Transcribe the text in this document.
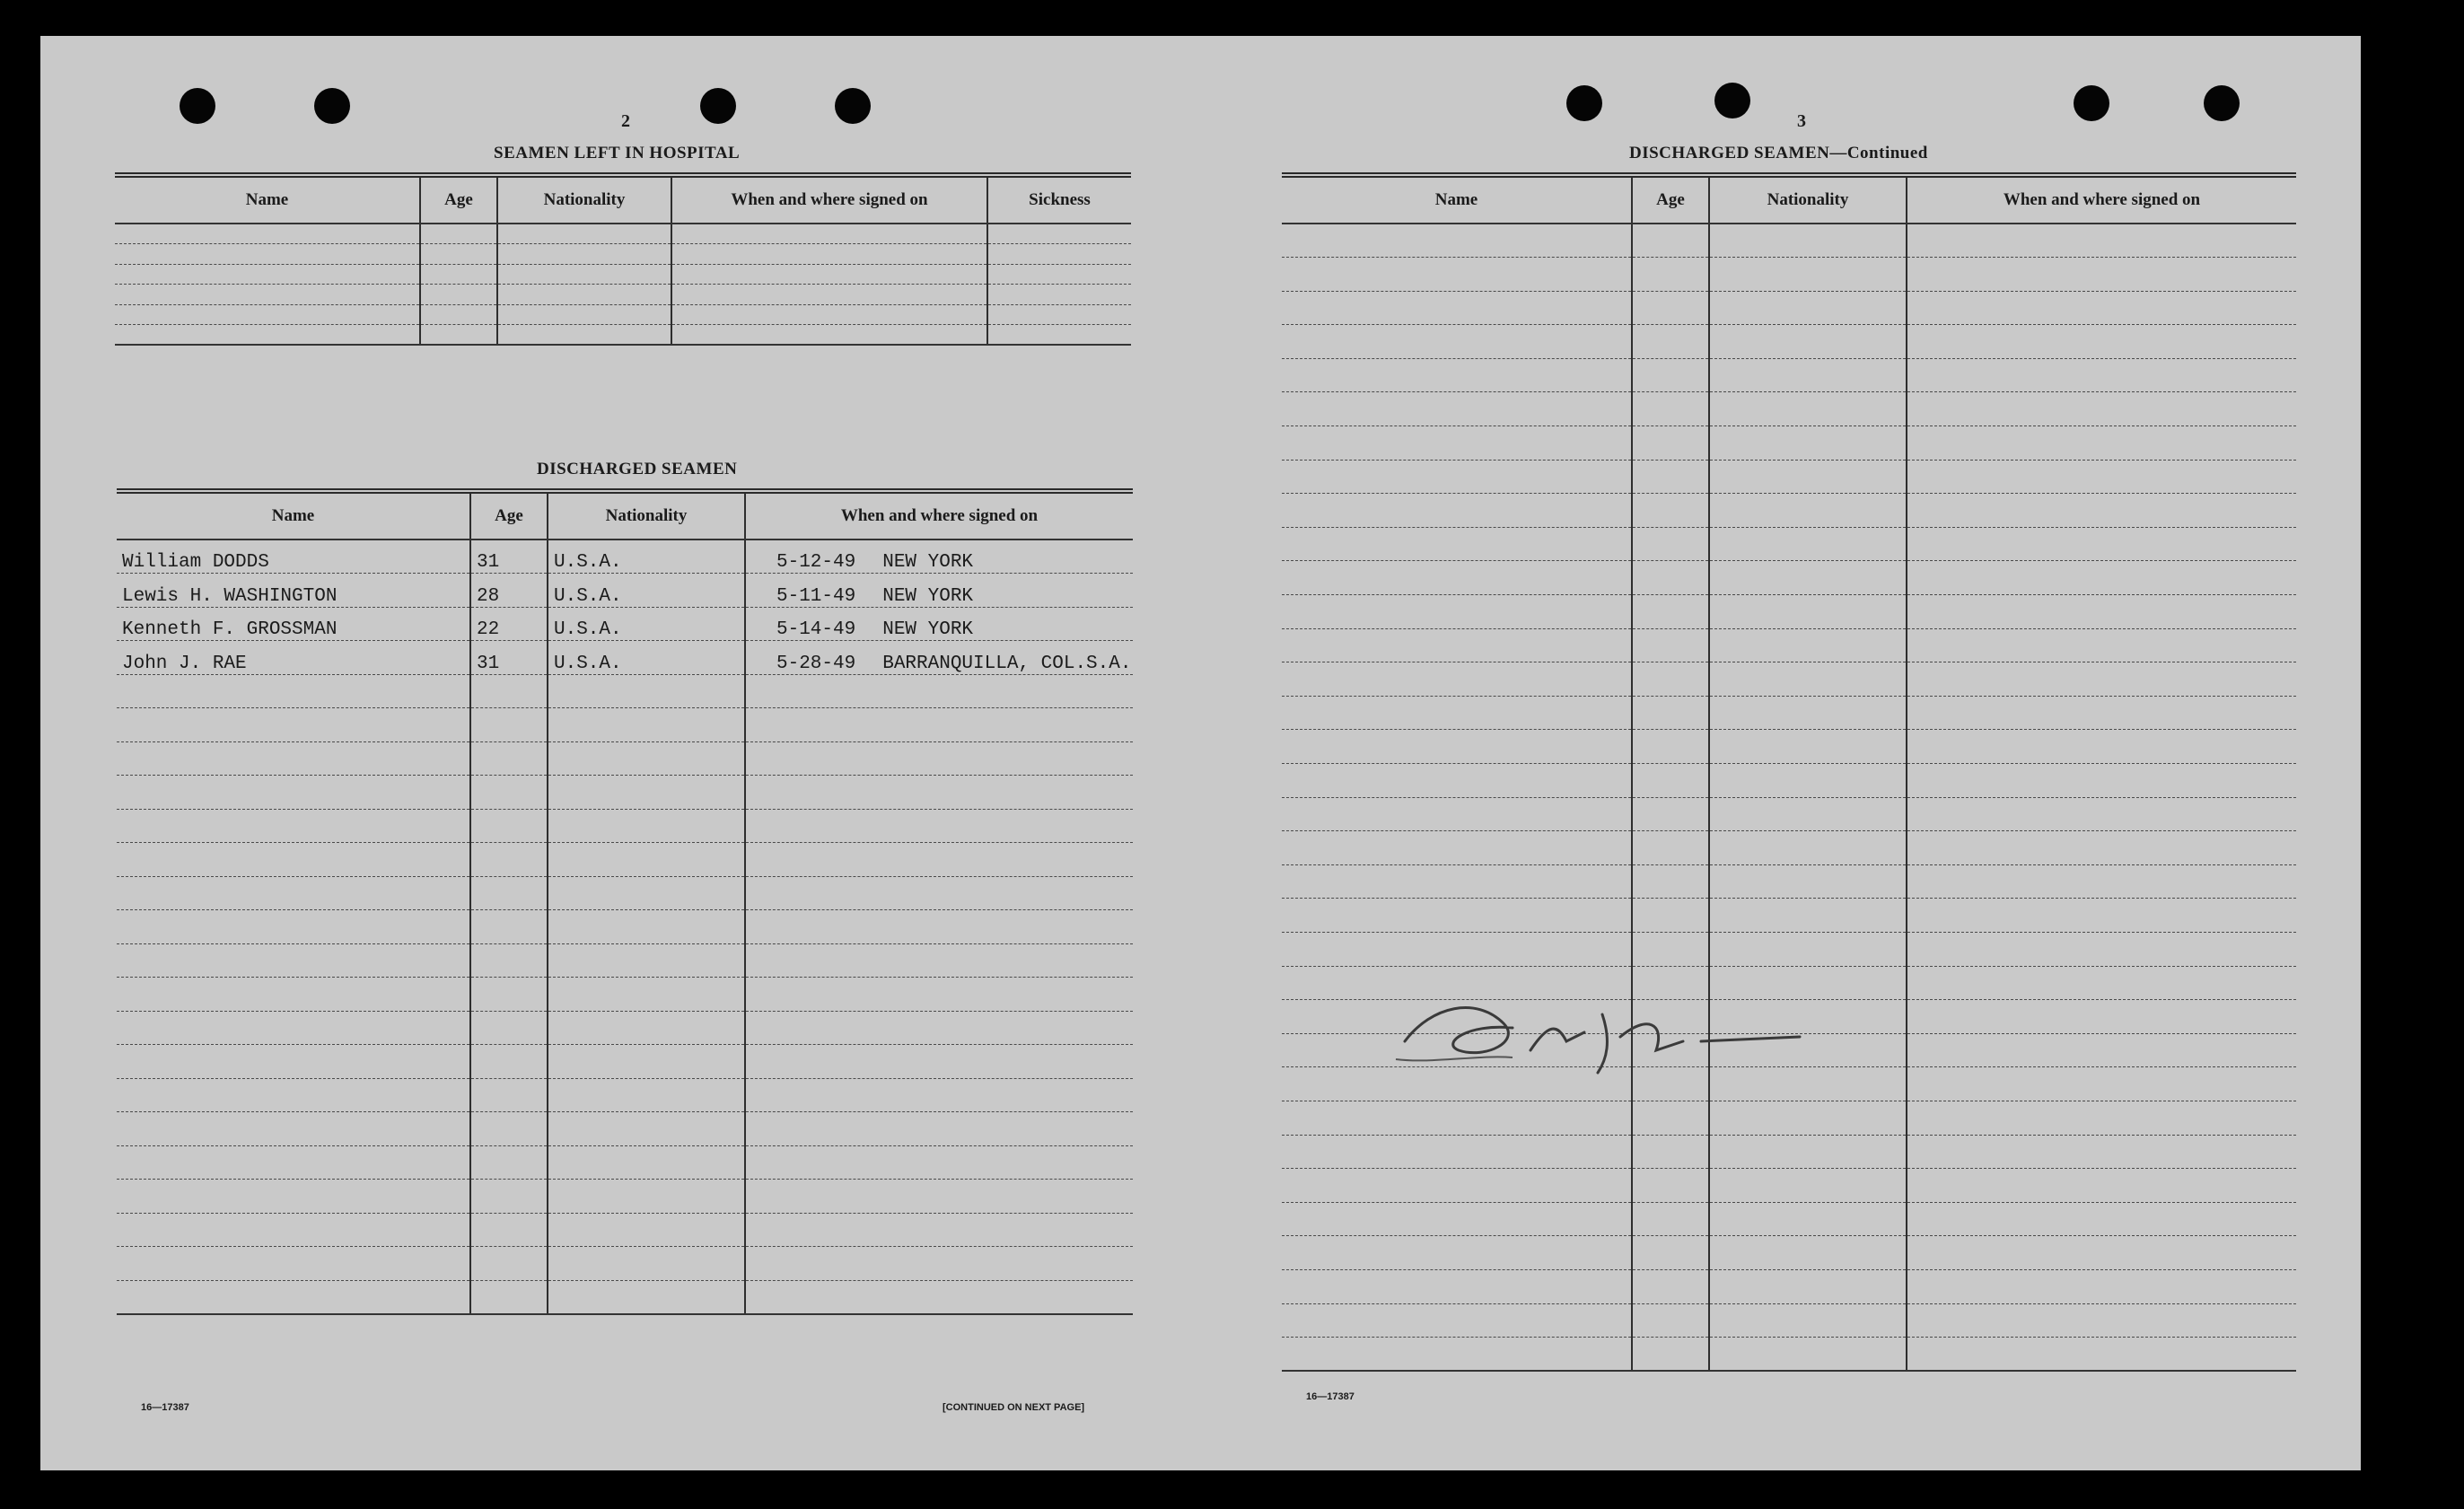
2
SEAMEN LEFT IN HOSPITAL
Name	Age	Nationality	When and where signed on	Sickness

DISCHARGED SEAMEN
Name	Age	Nationality	When and where signed on
William DODDS	31	U.S.A.	5-12-49 NEW YORK
Lewis H. WASHINGTON	28	U.S.A.	5-11-49 NEW YORK
Kenneth F. GROSSMAN	22	U.S.A.	5-14-49 NEW YORK
John J. RAE	31	U.S.A.	5-28-49 BARRANQUILLA, COL.S.A.

16—17387	[CONTINUED ON NEXT PAGE]
3
DISCHARGED SEAMEN—Continued
Name	Age	Nationality	When and where signed on

16—17387
